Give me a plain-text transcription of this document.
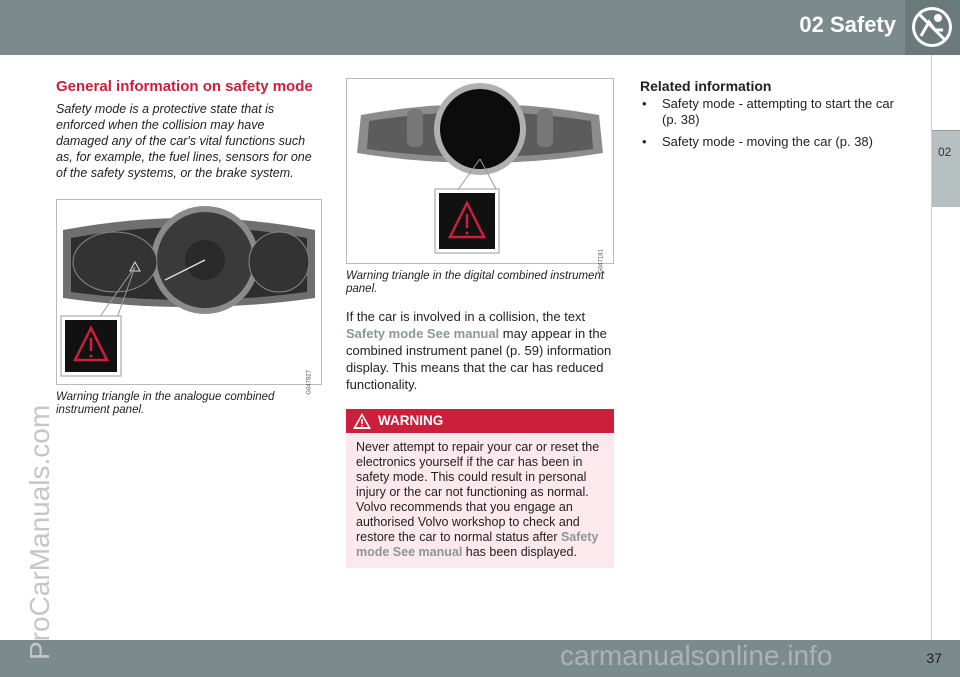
02 Safety
02
General information on safety mode

Safety mode is a protective state that is enforced when the collision may have damaged any of the car's vital functions such as, for example, the fuel lines, sensors for one of the safety systems, or the brake system.

G047827

Warning triangle in the analogue combined instrument panel.

G047181

Warning triangle in the digital combined instrument panel.

If the car is involved in a collision, the text Safety mode See manual may appear in the combined instrument panel (p. 59) information display. This means that the car has reduced functionality.

WARNING
Never attempt to repair your car or reset the electronics yourself if the car has been in safety mode. This could result in personal injury or the car not functioning as normal. Volvo recommends that you engage an authorised Volvo workshop to check and restore the car to normal status after Safety mode See manual has been displayed.
Related information
• Safety mode - attempting to start the car (p. 38)
• Safety mode - moving the car (p. 38)
37
ProCarManuals.com	carmanualsonline.info
